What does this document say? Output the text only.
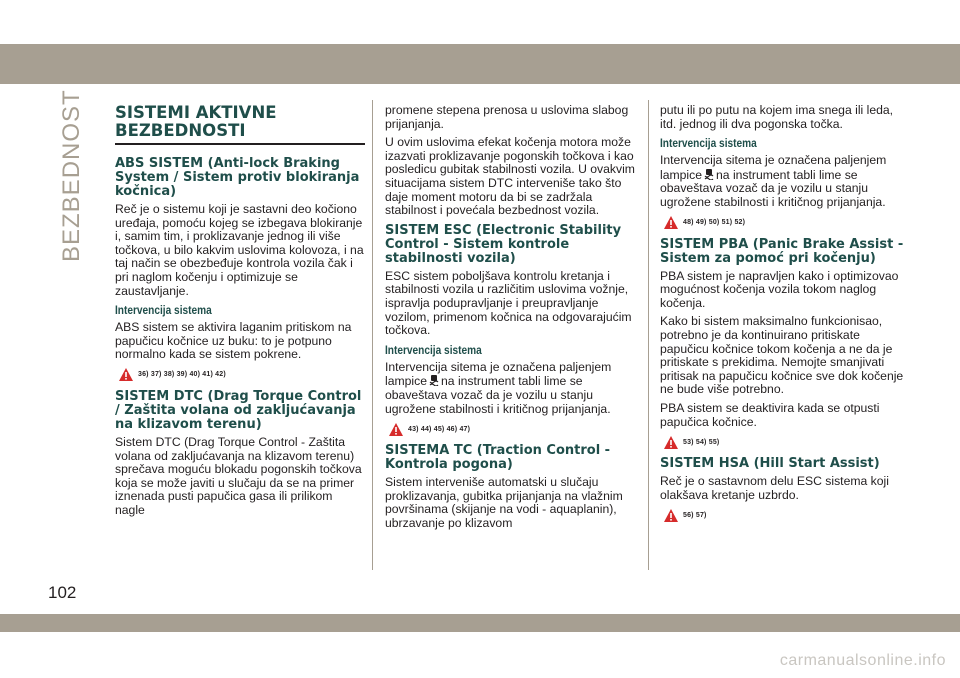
BEZBEDNOST SISTEMI AKTIVNE BEZBEDNOSTI
ABS SISTEM (Anti-lock Braking System / Sistem protiv blokiranja kočnica)

Reč je o sistemu koji je sastavni deo kočiono uređaja, pomoću kojeg se izbegava blokiranje i, samim tim, i proklizavanje jednog ili više točkova, u bilo kakvim uslovima kolovoza, i na taj način se obezbeđuje kontrola vozila čak i pri naglom kočenju i optimizuje se zaustavljanje.

Intervencija sistema

ABS sistem se aktivira laganim pritiskom na papučicu kočnice uz buku: to je potpuno normalno kada se sistem pokrene.

36) 37) 38) 39) 40) 41) 42)
SISTEM DTC (Drag Torque Control / Zaštita volana od zakljućavanja na klizavom terenu)

Sistem DTC (Drag Torque Control - Zaštita volana od zakljućavanja na klizavom terenu) sprečava moguću blokadu pogonskih točkova koja se može javiti u slučaju da se na primer iznenada pusti papučica gasa ili prilikom nagle

promene stepena prenosa u uslovima slabog prijanjanja.

U ovim uslovima efekat kočenja motora može izazvati proklizavanje pogonskih točkova i kao posledicu gubitak stabilnosti vozila. U ovakvim situacijama sistem DTC interveniše tako što daje moment motoru da bi se zadržala stabilnost i povećala bezbednost vozila.

SISTEM ESC (Electronic Stability Control - Sistem kontrole stabilnosti vozila)

ESC sistem poboljšava kontrolu kretanja i stabilnosti vozila u različitim uslovima vožnje, ispravlja podupravljanje i preupravljanje vozilom, primenom kočnica na odgovarajućim točkova.

Intervencija sistema

Intervencija sitema je označena paljenjem lampice na instrument tabli lime se obaveštava vozač da je vozilu u stanju ugrožene stabilnosti i kritičnog prijanjanja.

43) 44) 45) 46) 47)
SISTEMA TC (Traction Control - Kontrola pogona)

Sistem interveniše automatski u slučaju proklizavanja, gubitka prijanjanja na vlažnim površinama (skijanje na vodi - aquaplanin), ubrzavanje po klizavom

putu ili po putu na kojem ima snega ili leda, itd. jednog ili dva pogonska točka.

Intervencija sistema

Intervencija sitema je označena paljenjem lampice na instrument tabli lime se obaveštava vozač da je vozilu u stanju ugrožene stabilnosti i kritičnog prijanjanja.

48) 49) 50) 51) 52)
SISTEM PBA (Panic Brake Assist - Sistem za pomoć pri kočenju)

PBA sistem je napravljen kako i optimizovao mogućnost kočenja vozila tokom naglog kočenja.

Kako bi sistem maksimalno funkcionisao, potrebno je da kontinuirano pritiskate papučicu kočnice tokom kočenja a ne da je pritiskate s prekidima. Nemojte smanjivati pritisak na papučicu kočnice sve dok kočenje ne bude više potrebno.

PBA sistem se deaktivira kada se otpusti papučica kočnice.

53) 54) 55)
SISTEM HSA (Hill Start Assist)

Reč je o sastavnom delu ESC sistema koji olakšava kretanje uzbrdo.

56) 57)
102
carmanualsonline.info
